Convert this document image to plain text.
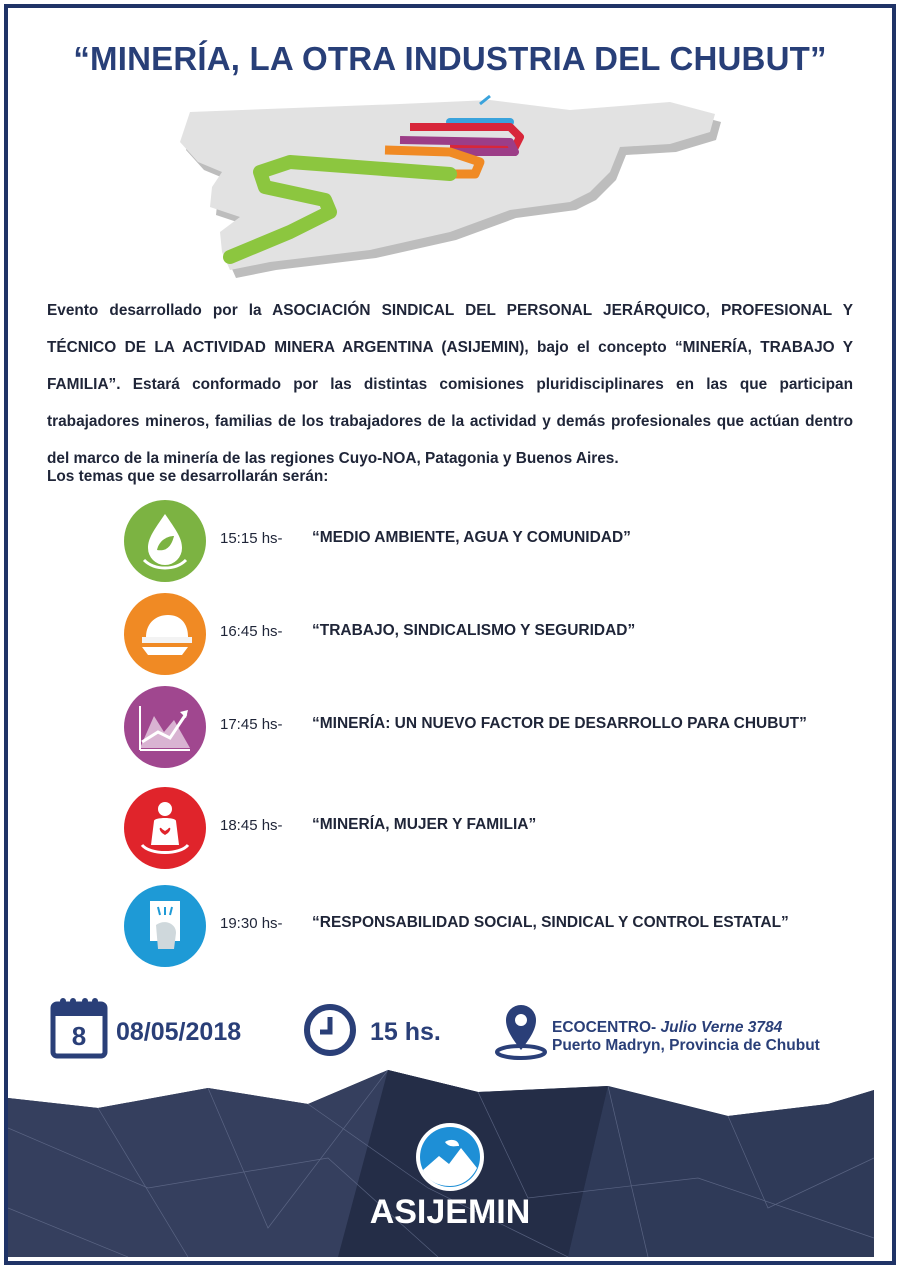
“MINERÍA, LA OTRA INDUSTRIA DEL CHUBUT”

Evento desarrollado por la ASOCIACIÓN SINDICAL DEL PERSONAL JERÁRQUICO, PROFESIONAL Y TÉCNICO DE LA ACTIVIDAD MINERA ARGENTINA (ASIJEMIN), bajo el concepto “MINERÍA, TRABAJO Y FAMILIA”. Estará conformado por las distintas comisiones pluridisciplinares en las que participan trabajadores mineros, familias de los trabajadores de la actividad y demás profesionales que actúan dentro del marco de la minería de las regiones Cuyo-NOA, Patagonia y Buenos Aires.

Los temas que se desarrollarán serán:
15:15 hs- “MEDIO AMBIENTE, AGUA Y COMUNIDAD”
16:45 hs- “TRABAJO, SINDICALISMO Y SEGURIDAD”
17:45 hs- “MINERÍA: UN NUEVO FACTOR DE DESARROLLO PARA CHUBUT”
18:45 hs- “MINERÍA, MUJER Y FAMILIA”
19:30 hs- “RESPONSABILIDAD SOCIAL, SINDICAL Y CONTROL ESTATAL”
8 08/05/2018	15 hs.	ECOCENTRO- Julio Verne 3784
Puerto Madryn, Provincia de Chubut
ASIJEMIN
